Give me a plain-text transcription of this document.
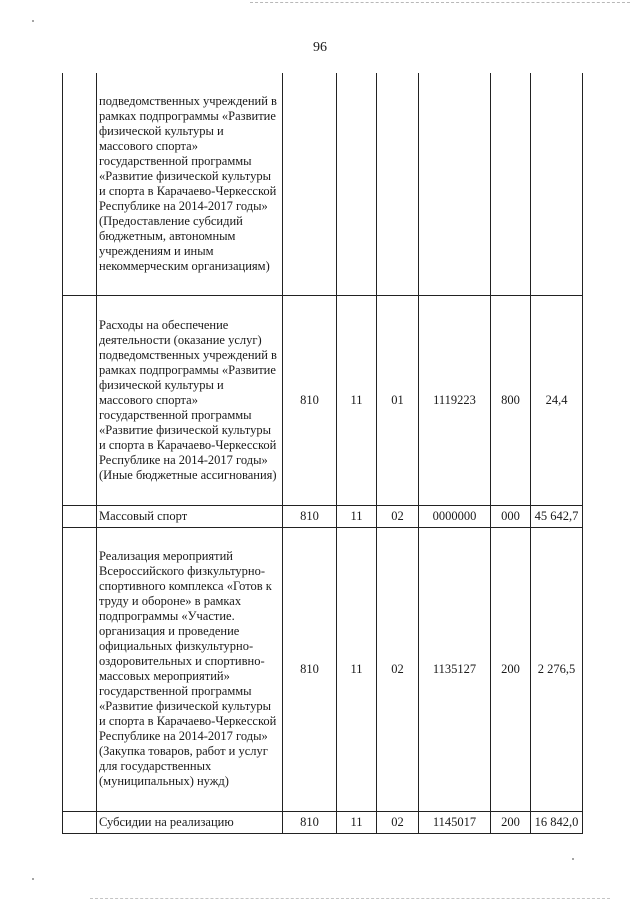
96
	подведомственных учреждений в рамках подпрограммы «Развитие физической культуры и массового спорта» государственной программы «Развитие физической культуры и спорта в Карачаево-Черкесской Республике на 2014-2017 годы» (Предоставление субсидий бюджетным, автономным учреждениям и иным некоммерческим организациям)						
	Расходы на обеспечение деятельности (оказание услуг) подведомственных учреждений в рамках подпрограммы «Развитие физической культуры и массового спорта» государственной программы «Развитие физической культуры и спорта в Карачаево-Черкесской Республике на 2014-2017 годы» (Иные бюджетные ассигнования)	810	11	01	1119223	800	24,4
	Массовый спорт	810	11	02	0000000	000	45 642,7
	Реализация мероприятий Всероссийского физкультурно-спортивного комплекса «Готов к труду и обороне» в рамках подпрограммы «Участие. организация и проведение официальных физкультурно-оздоровительных и спортивно-массовых мероприятий» государственной программы «Развитие физической культуры и спорта в Карачаево-Черкесской Республике на 2014-2017 годы» (Закупка товаров, работ и услуг для государственных (муниципальных) нужд)	810	11	02	1135127	200	2 276,5
	Субсидии на реализацию	810	11	02	1145017	200	16 842,0
